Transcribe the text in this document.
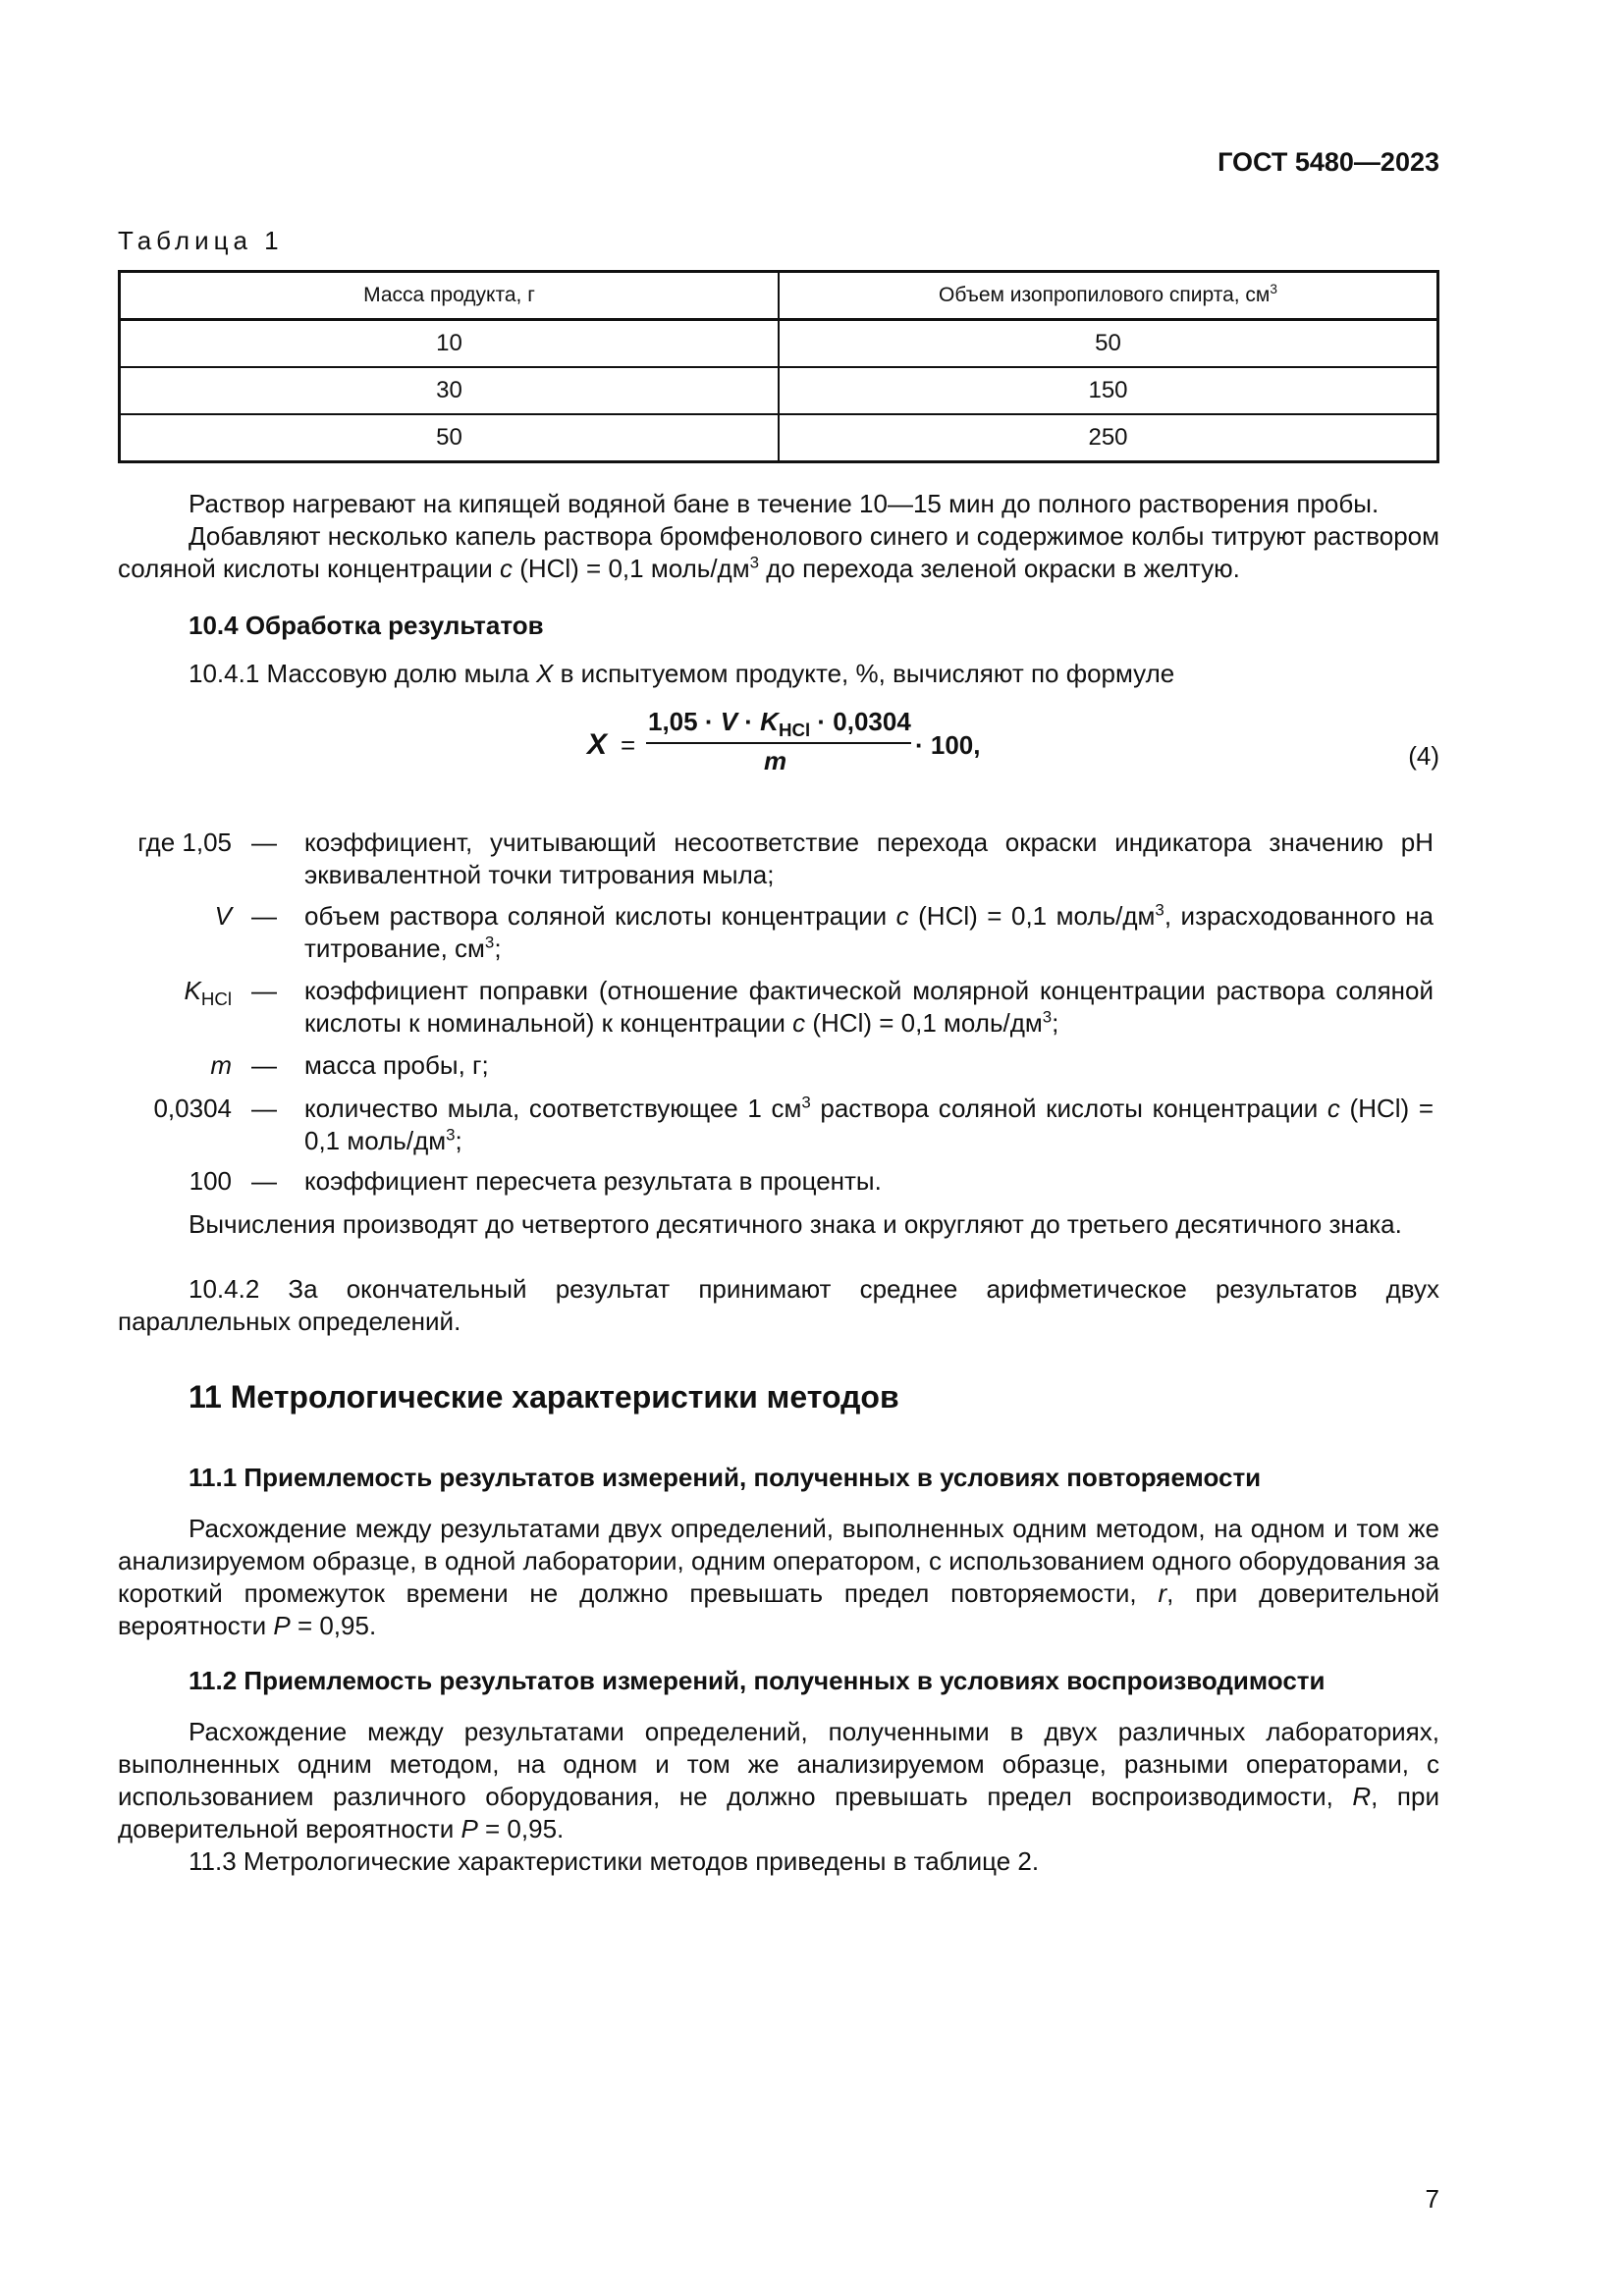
ГОСТ 5480—2023
Таблица 1
Масса продукта, г	Объем изопропилового спирта, $см^3$
10	50
30	150
50	250
Раствор нагревают на кипящей водяной бане в течение 10—15 мин до полного растворения пробы.
Добавляют несколько капель раствора бромфенолового синего и содержимое колбы титруют раствором соляной кислоты концентрации c (HCl) = 0,1 моль/$дм^3$ до перехода зеленой окраски в желтую.
10.4 Обработка результатов
10.4.1 Массовую долю мыла X в испытуемом продукте, %, вычисляют по формуле
X =
$1,05 \cdot V \cdot K_{HCl} \cdot 0,0304$
m
· 100,	(4)
где 1,05 — коэффициент, учитывающий несоответствие перехода окраски индикатора значению рН эквивалентной точки титрования мыла;
V — объем раствора соляной кислоты концентрации c (HCl) = 0,1 моль/$дм^3$, израсходованного на титрование, $см^3$;
$K_{HCl}$ — коэффициент поправки (отношение фактической молярной концентрации раствора соляной кислоты к номинальной) к концентрации c (HCl) = 0,1 моль/$дм^3$;
m — масса пробы, г;
0,0304 — количество мыла, соответствующее 1 $см^3$ раствора соляной кислоты концентрации c (HCl) = 0,1 моль/$дм^3$;
100 — коэффициент пересчета результата в проценты.
Вычисления производят до четвертого десятичного знака и округляют до третьего десятичного знака.
10.4.2 За окончательный результат принимают среднее арифметическое результатов двух параллельных определений.
11 Метрологические характеристики методов
11.1 Приемлемость результатов измерений, полученных в условиях повторяемости
Расхождение между результатами двух определений, выполненных одним методом, на одном и том же анализируемом образце, в одной лаборатории, одним оператором, с использованием одного оборудования за короткий промежуток времени не должно превышать предел повторяемости, r, при доверительной вероятности P = 0,95.
11.2 Приемлемость результатов измерений, полученных в условиях воспроизводимости
Расхождение между результатами определений, полученными в двух различных лабораториях, выполненных одним методом, на одном и том же анализируемом образце, разными операторами, с использованием различного оборудования, не должно превышать предел воспроизводимости, R, при доверительной вероятности P = 0,95.
11.3 Метрологические характеристики методов приведены в таблице 2.
7
